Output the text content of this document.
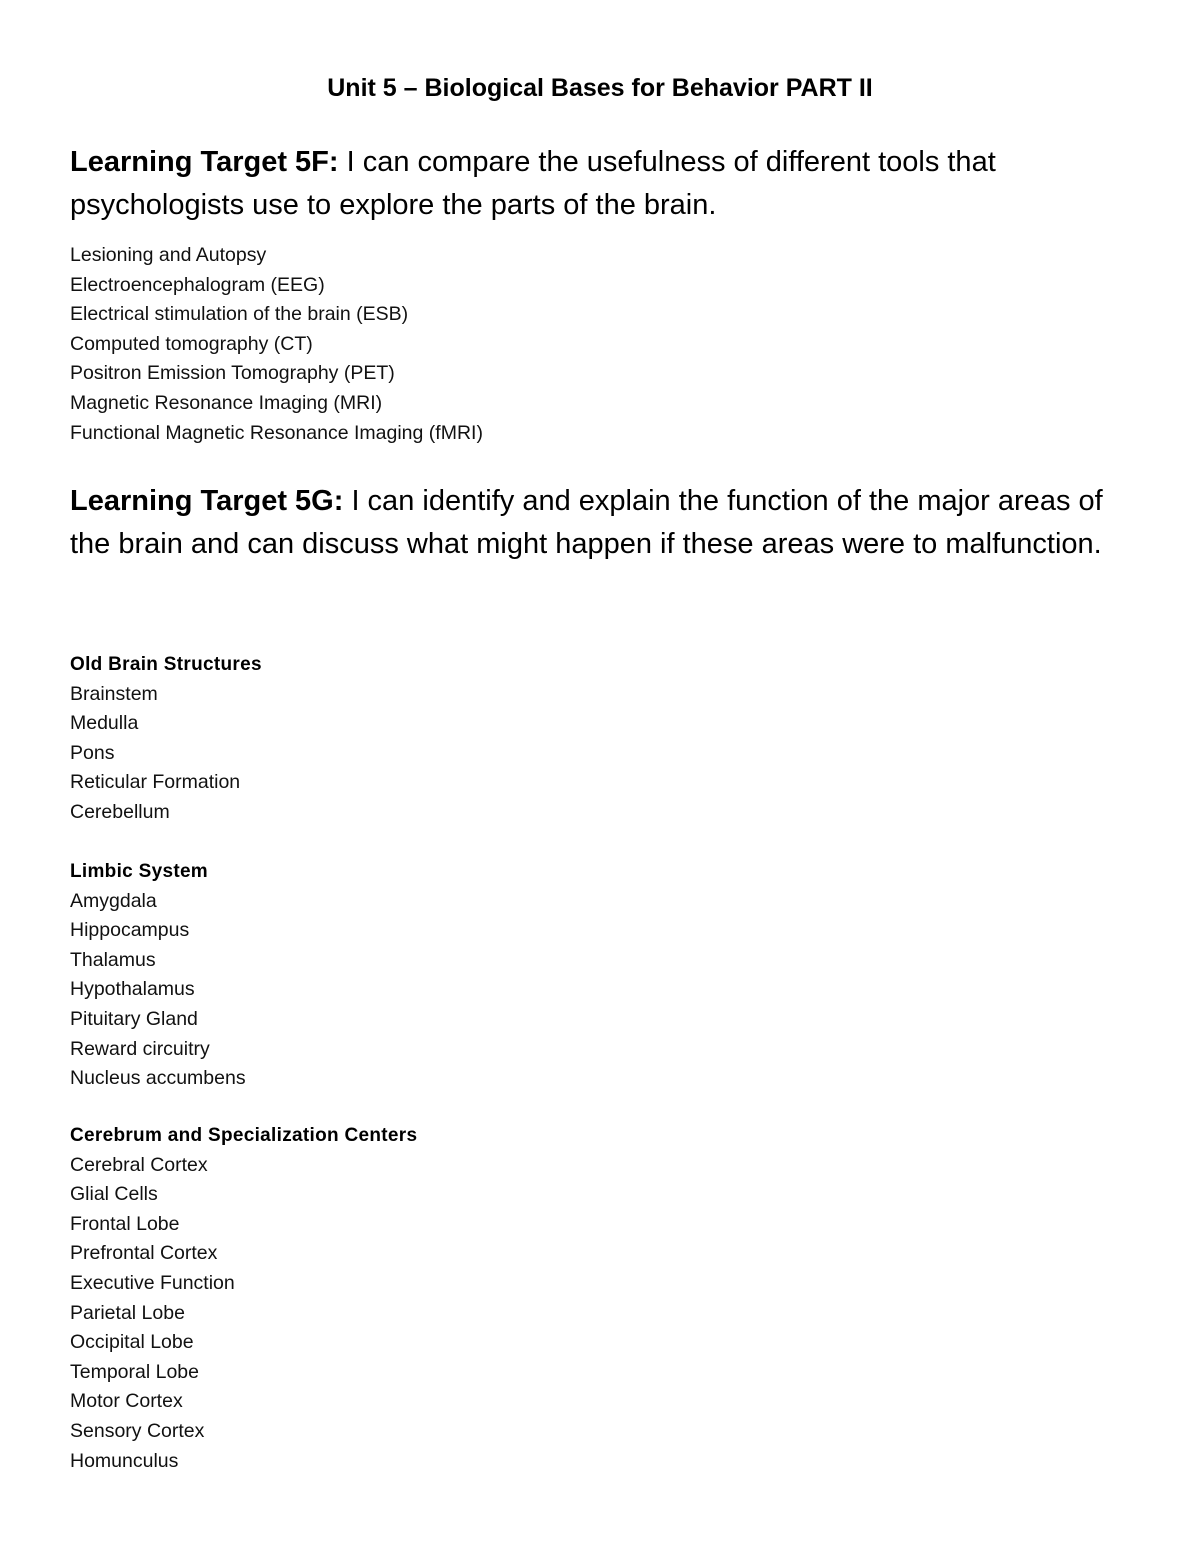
Unit 5 – Biological Bases for Behavior PART II

Learning Target 5F: I can compare the usefulness of different tools that psychologists use to explore the parts of the brain.

Lesioning and Autopsy
Electroencephalogram (EEG)
Electrical stimulation of the brain (ESB)
Computed tomography (CT)
Positron Emission Tomography (PET)
Magnetic Resonance Imaging (MRI)
Functional Magnetic Resonance Imaging (fMRI)

Learning Target 5G: I can identify and explain the function of the major areas of the brain and can discuss what might happen if these areas were to malfunction.

Old Brain Structures
Brainstem
Medulla
Pons
Reticular Formation
Cerebellum
Limbic System
Amygdala
Hippocampus
Thalamus
Hypothalamus
Pituitary Gland
Reward circuitry
Nucleus accumbens
Cerebrum and Specialization Centers
Cerebral Cortex
Glial Cells
Frontal Lobe
Prefrontal Cortex
Executive Function
Parietal Lobe
Occipital Lobe
Temporal Lobe
Motor Cortex
Sensory Cortex
Homunculus
